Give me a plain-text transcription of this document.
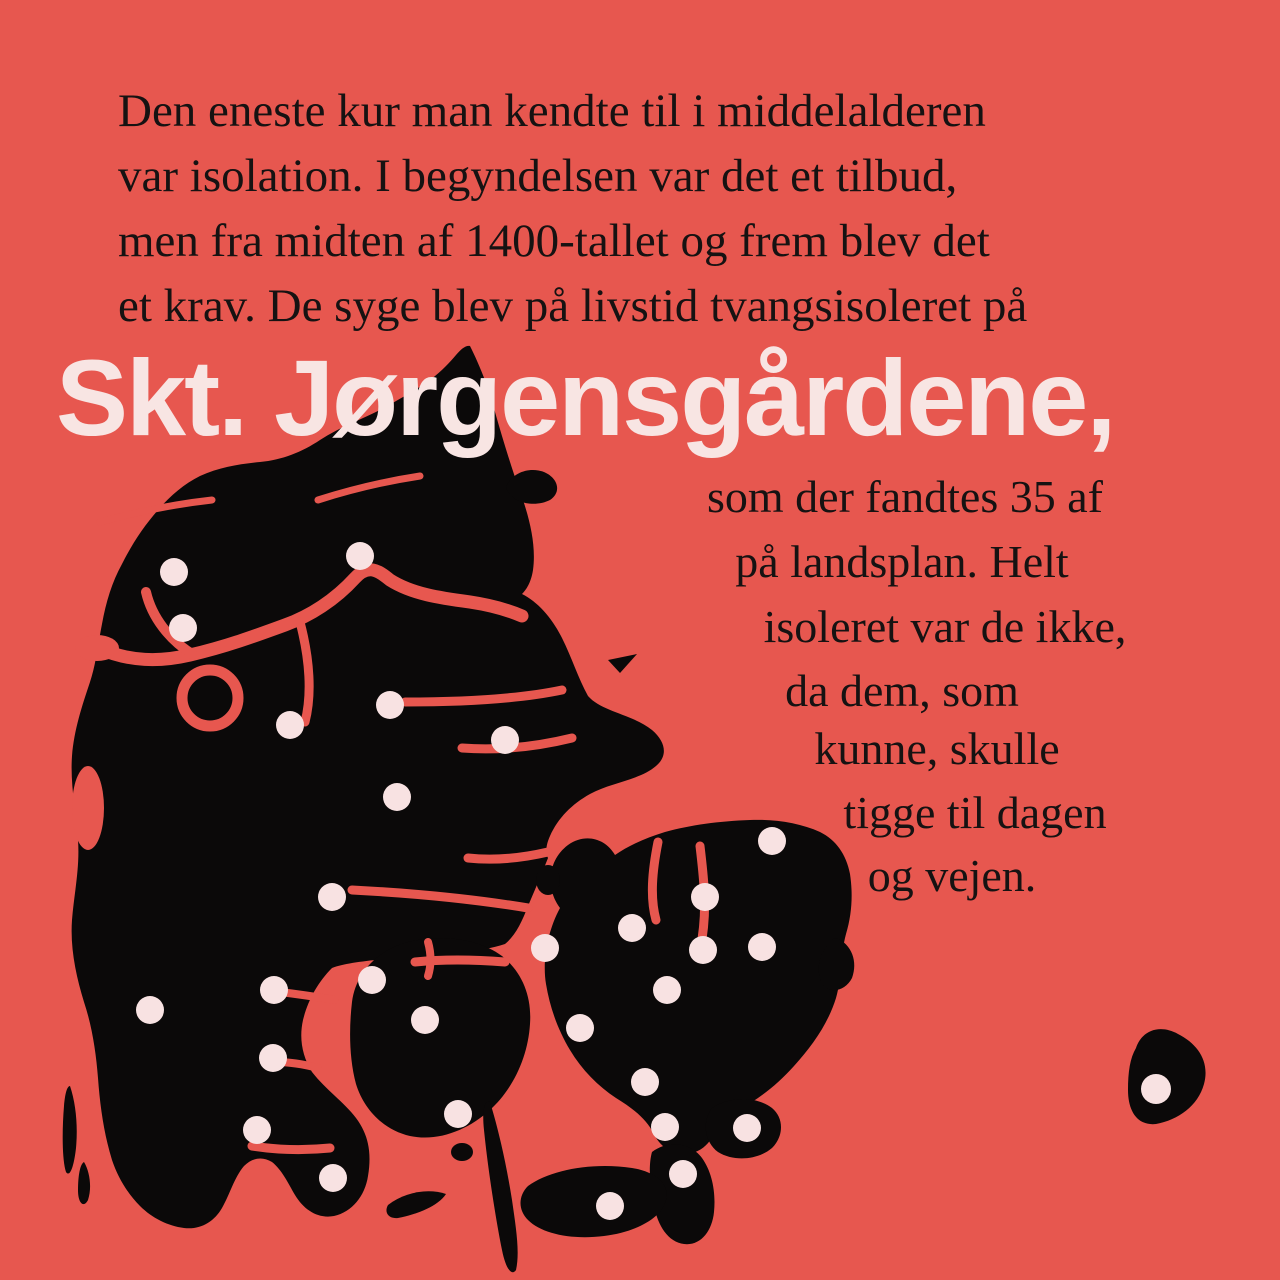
Skt. Jørgensgårdene,
Den eneste kur man kendte til i middelalderen
var isolation. I begyndelsen var det et tilbud,
men fra midten af 1400-tallet og frem blev det
et krav. De syge blev på livstid tvangsisoleret på
som der fandtes 35 af
på landsplan. Helt
isoleret var de ikke,
da dem, som
kunne, skulle
tigge til dagen
og vejen.
